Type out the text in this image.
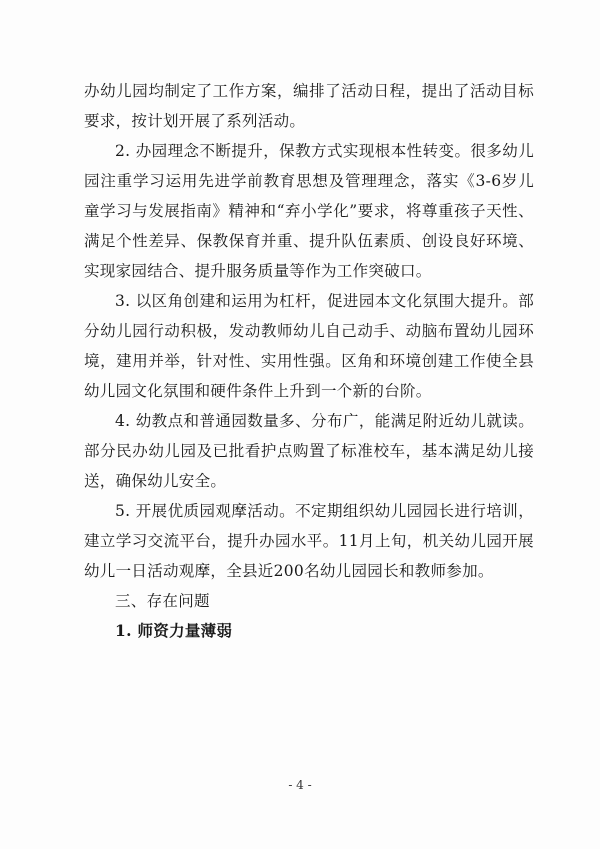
办幼儿园均制定了工作方案，编排了活动日程，提出了活动目标要求，按计划开展了系列活动。

2. 办园理念不断提升，保教方式实现根本性转变。很多幼儿园注重学习运用先进学前教育思想及管理理念，落实《3-6岁儿童学习与发展指南》精神和“弃小学化”要求，将尊重孩子天性、满足个性差异、保教保育并重、提升队伍素质、创设良好环境、实现家园结合、提升服务质量等作为工作突破口。

3. 以区角创建和运用为杠杆，促进园本文化氛围大提升。部分幼儿园行动积极，发动教师幼儿自己动手、动脑布置幼儿园环境，建用并举，针对性、实用性强。区角和环境创建工作使全县幼儿园文化氛围和硬件条件上升到一个新的台阶。

4. 幼教点和普通园数量多、分布广，能满足附近幼儿就读。部分民办幼儿园及已批看护点购置了标准校车，基本满足幼儿接送，确保幼儿安全。

5. 开展优质园观摩活动。不定期组织幼儿园园长进行培训，建立学习交流平台，提升办园水平。11月上旬，机关幼儿园开展幼儿一日活动观摩，全县近200名幼儿园园长和教师参加。

三、存在问题

1. 师资力量薄弱

- 4 -
